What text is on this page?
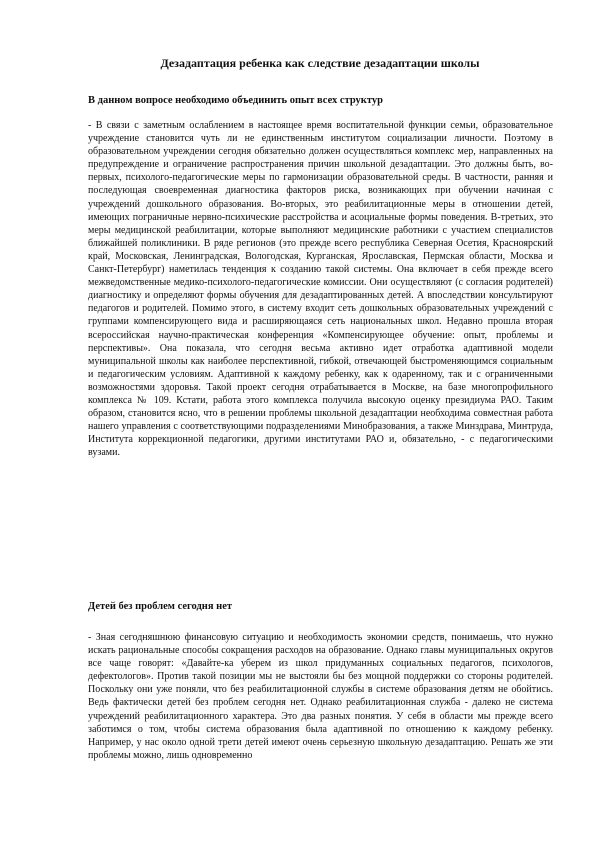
Дезадаптация ребенка как следствие дезадаптации школы
В данном вопросе необходимо объединить опыт всех структур

- В связи с заметным ослаблением в настоящее время воспитательной функции семьи, образовательное учреждение становится чуть ли не единственным институтом социализации личности. Поэтому в образовательном учреждении сегодня обязательно должен осуществляться комплекс мер, направленных на предупреждение и ограничение распространения причин школьной дезадаптации. Это должны быть, во-первых, психолого-педагогические меры по гармонизации образовательной среды. В частности, ранняя и последующая своевременная диагностика факторов риска, возникающих при обучении начиная с учреждений дошкольного образования. Во-вторых, это реабилитационные меры в отношении детей, имеющих пограничные нервно-психические расстройства и асоциальные формы поведения. В-третьих, это меры медицинской реабилитации, которые выполняют медицинские работники с участием специалистов ближайшей поликлиники. В ряде регионов (это прежде всего республика Северная Осетия, Красноярский край, Московская, Ленинградская, Вологодская, Курганская, Ярославская, Пермская области, Москва и Санкт-Петербург) наметилась тенденция к созданию такой системы. Она включает в себя прежде всего межведомственные медико-психолого-педагогические комиссии. Они осуществляют (с согласия родителей) диагностику и определяют формы обучения для дезадаптированных детей. А впоследствии консультируют педагогов и родителей. Помимо этого, в систему входит сеть дошкольных образовательных учреждений с группами компенсирующего вида и расширяющаяся сеть национальных школ. Недавно прошла вторая всероссийская научно-практическая конференция «Компенсирующее обучение: опыт, проблемы и перспективы». Она показала, что сегодня весьма активно идет отработка адаптивной модели муниципальной школы как наиболее перспективной, гибкой, отвечающей быстроменяющимся социальным и педагогическим условиям. Адаптивной к каждому ребенку, как к одаренному, так и с ограниченными возможностями здоровья. Такой проект сегодня отрабатывается в Москве, на базе многопрофильного комплекса № 109. Кстати, работа этого комплекса получила высокую оценку президиума РАО. Таким образом, становится ясно, что в решении проблемы школьной дезадаптации необходима совместная работа нашего управления с соответствующими подразделениями Минобразования, а также Минздрава, Минтруда, Института коррекционной педагогики, другими институтами РАО и, обязательно, - с педагогическими вузами.

Детей без проблем сегодня нет

- Зная сегодняшнюю финансовую ситуацию и необходимость экономии средств, понимаешь, что нужно искать рациональные способы сокращения расходов на образование. Однако главы муниципальных округов все чаще говорят: «Давайте-ка уберем из школ придуманных социальных педагогов, психологов, дефектологов». Против такой позиции мы не выстояли бы без мощной поддержки со стороны родителей. Поскольку они уже поняли, что без реабилитационной службы в системе образования детям не обойтись. Ведь фактически детей без проблем сегодня нет. Однако реабилитационная служба - далеко не система учреждений реабилитационного характера. Это два разных понятия. У себя в области мы прежде всего заботимся о том, чтобы система образования была адаптивной по отношению к каждому ребенку. Например, у нас около одной трети детей имеют очень серьезную школьную дезадаптацию. Решать же эти проблемы можно, лишь одновременно
